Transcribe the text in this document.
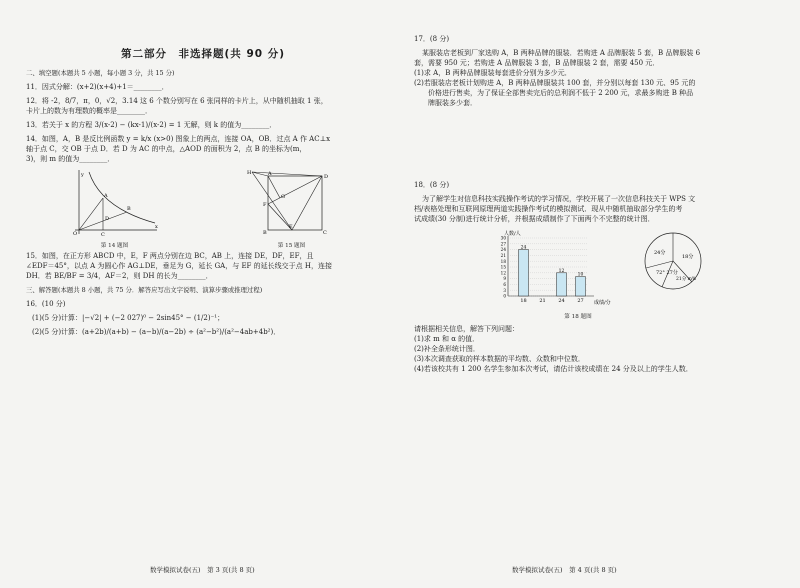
第二部分　非选择题(共 90 分)
二、填空题(本题共 5 小题，每小题 3 分，共 15 分)
11．因式分解：(x+2)(x+4)+1＝________．
12．将 -2，8/7，π，0，√2，3.14 这 6 个数分别写在 6 张同样的卡片上，从中随机抽取 1 张，
卡片上的数为有理数的概率是________．
13．若关于 x 的方程 3/(x-2) − (kx-1)/(x-2) = 1 无解，则 k 的值为________．
14．如图，A，B 是反比例函数 y = k/x (x>0) 图象上的两点，连接 OA，OB．过点 A 作 AC⊥x
轴于点 C，交 OB 于点 D．若 D 为 AC 的中点，△AOD 的面积为 2，点 B 的坐标为(m，
3)，则 m 的值为________．
y
A
B
D
O	C
x
第 14 题图
H	A	D
F
E
G
B	C
第 15 题图
15．如图，在正方形 ABCD 中，E，F 两点分别在边 BC，AB 上，连接 DE，DF，EF，且
∠EDF＝45°，以点 A 为圆心作 AG⊥DE，垂足为 G，延长 GA，与 EF 的延长线交于点 H，连接
DH．若 BE/BF = 3/4，AF＝2，则 DH 的长为________．
三、解答题(本题共 8 小题，共 75 分．解答应写出文字说明、演算步骤或推理过程)
16．(10 分)
(1)(5 分)计算：|−√2| + (−2 027)⁰ − 2sin45° − (1/2)⁻¹；
(2)(5 分)计算：(a+2b)/(a+b) − (a−b)/(a−2b) ÷ (a²−b²)/(a²−4ab+4b²)．
数学模拟试卷(五)　第 3 页(共 8 页)
17．(8 分)
某服装店老板到厂家选购 A，B 两种品牌的服装．若购进 A 品牌服装 5 套，B 品牌服装 6
套，需要 950 元；若购进 A 品牌服装 3 套，B 品牌服装 2 套，需要 450 元．
(1)求 A，B 两种品牌服装每套进价分别为多少元．
(2)若服装店老板计划购进 A，B 两种品牌服装共 100 套，并分别以每套 130 元、95 元的
价格进行售卖，为了保证全部售卖完后的总利润不低于 2 200 元，求最多购进 B 种品
牌服装多少套．
18．(8 分)
为了解学生对信息科技实践操作考试的学习情况，学校开展了一次信息科技关于 WPS 文
档/表格处理和互联网原理两道实践操作考试的模拟测试．现从中随机抽取部分学生的考
试成绩(30 分制)进行统计分析，并根据成绩制作了下面两个不完整的统计图．
人数/人
成绩/分
0
3
6
9
12
15
18
21
24
27
30
24
18	21
12
24
10
27
24分
18分
72° 27分
21分 m%
第 18 题图
请根据相关信息，解答下列问题：
(1)求 m 和 α 的值．
(2)补全条形统计图．
(3)本次调查获取的样本数据的平均数、众数和中位数．
(4)若该校共有 1 200 名学生参加本次考试，请估计该校成绩在 24 分及以上的学生人数．
数学模拟试卷(五)　第 4 页(共 8 页)
